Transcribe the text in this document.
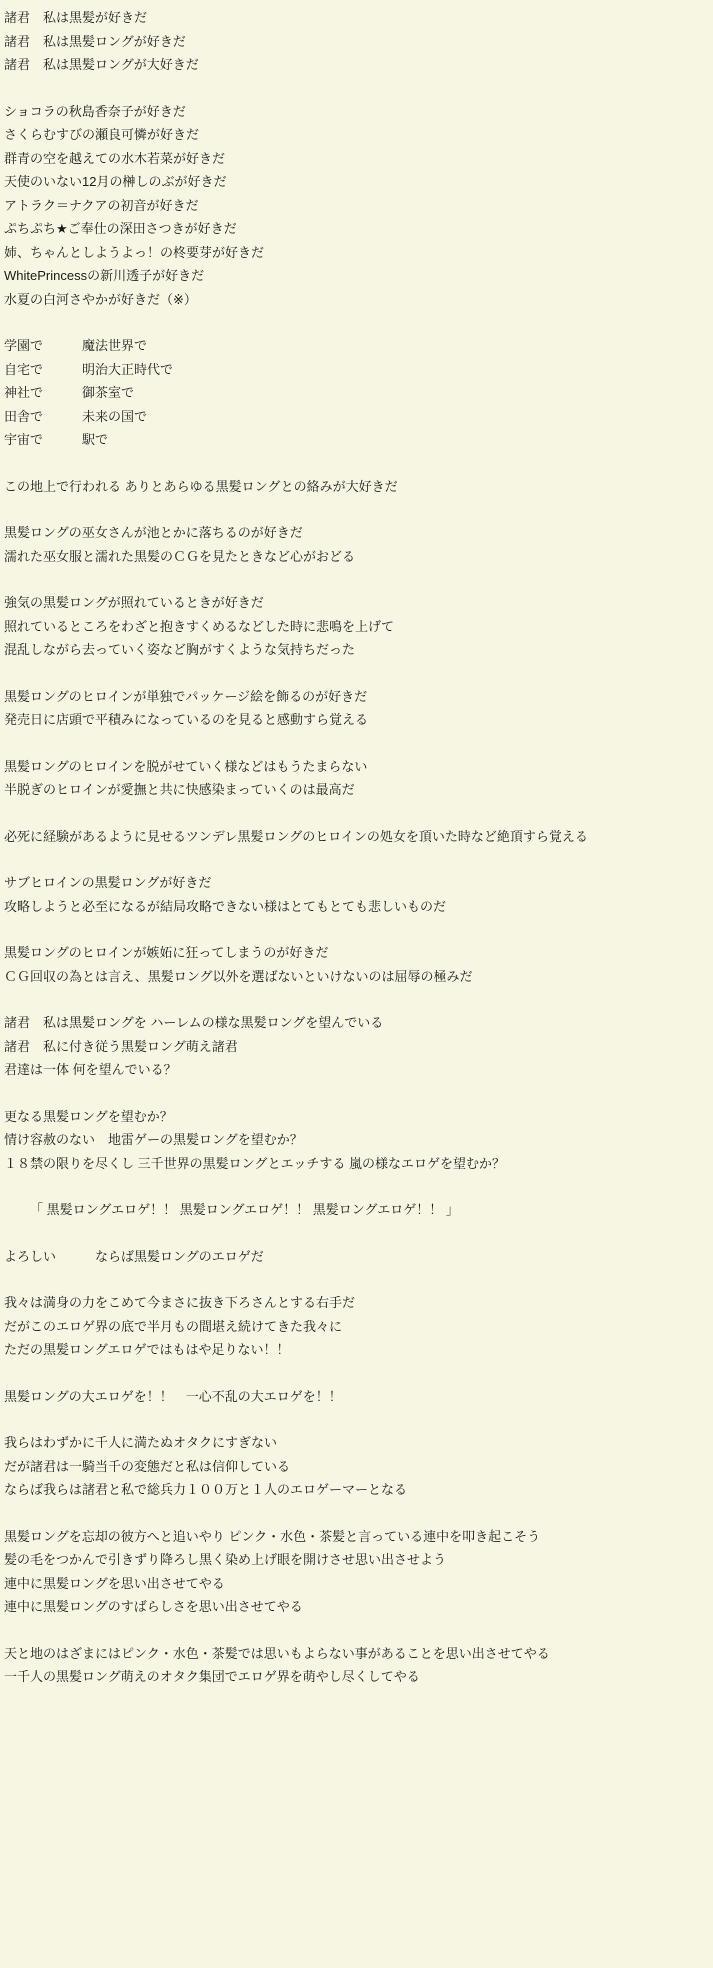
諸君　私は黒髪が好きだ
諸君　私は黒髪ロングが好きだ
諸君　私は黒髪ロングが大好きだ
ショコラの秋島香奈子が好きだ
さくらむすびの瀬良可憐が好きだ
群青の空を越えての水木若菜が好きだ
天使のいない12月の榊しのぶが好きだ
アトラク＝ナクアの初音が好きだ
ぷちぷち★ご奉仕の深田さつきが好きだ
姉、ちゃんとしようよっ！の柊要芽が好きだ
WhitePrincessの新川透子が好きだ
水夏の白河さやかが好きだ（※）
学園で　　　魔法世界で
自宅で　　　明治大正時代で
神社で　　　御茶室で
田舎で　　　未来の国で
宇宙で　　　駅で
この地上で行われる ありとあらゆる黒髪ロングとの絡みが大好きだ
黒髪ロングの巫女さんが池とかに落ちるのが好きだ
濡れた巫女服と濡れた黒髪のＣＧを見たときなど心がおどる
強気の黒髪ロングが照れているときが好きだ
照れているところをわざと抱きすくめるなどした時に悲鳴を上げて
混乱しながら去っていく姿など胸がすくような気持ちだった
黒髪ロングのヒロインが単独でパッケージ絵を飾るのが好きだ
発売日に店頭で平積みになっているのを見ると感動すら覚える
黒髪ロングのヒロインを脱がせていく様などはもうたまらない
半脱ぎのヒロインが愛撫と共に快感染まっていくのは最高だ
必死に経験があるように見せるツンデレ黒髪ロングのヒロインの処女を頂いた時など絶頂すら覚える
サブヒロインの黒髪ロングが好きだ
攻略しようと必至になるが結局攻略できない様はとてもとても悲しいものだ
黒髪ロングのヒロインが嫉妬に狂ってしまうのが好きだ
ＣＧ回収の為とは言え、黒髪ロング以外を選ばないといけないのは屈辱の極みだ
諸君　私は黒髪ロングを ハーレムの様な黒髪ロングを望んでいる
諸君　私に付き従う黒髪ロング萌え諸君
君達は一体 何を望んでいる？
更なる黒髪ロングを望むか？
情け容赦のない　地雷ゲーの黒髪ロングを望むか？
１８禁の限りを尽くし 三千世界の黒髪ロングとエッチする 嵐の様なエロゲを望むか？
「 黒髪ロングエロゲ！！ 黒髪ロングエロゲ！！ 黒髪ロングエロゲ！！ 」
よろしい　　　ならば黒髪ロングのエロゲだ
我々は満身の力をこめて今まさに抜き下ろさんとする右手だ
だがこのエロゲ界の底で半月もの間堪え続けてきた我々に
ただの黒髪ロングエロゲではもはや足りない！！
黒髪ロングの大エロゲを！！　一心不乱の大エロゲを！！
我らはわずかに千人に満たぬオタクにすぎない
だが諸君は一騎当千の変態だと私は信仰している
ならば我らは諸君と私で総兵力１００万と１人のエロゲーマーとなる
黒髪ロングを忘却の彼方へと追いやり ピンク・水色・茶髪と言っている連中を叩き起こそう
髪の毛をつかんで引きずり降ろし黒く染め上げ眼を開けさせ思い出させよう
連中に黒髪ロングを思い出させてやる
連中に黒髪ロングのすばらしさを思い出させてやる
天と地のはざまにはピンク・水色・茶髪では思いもよらない事があることを思い出させてやる
一千人の黒髪ロング萌えのオタク集団でエロゲ界を萌やし尽くしてやる
